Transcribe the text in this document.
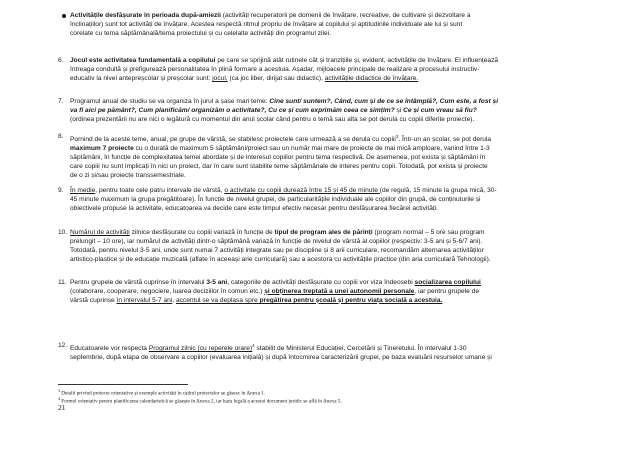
Activitățile desfășurate în perioada după-amiezii (activități recuperatorii pe domenii de învățare, recreative, de cultivare și dezvoltare a
înclinațiilor) sunt tot activități de învățare. Acestea respectă ritmul propriu de învățare al copilului și aptitudinile individuale ale lui și sunt
corelate cu tema săptămânală/tema proiectului și cu celelalte activități din programul zilei.
6. Jocul este activitatea fundamentală a copilului pe care se sprijină atât rutinele cât și tranzițiile și, evident, activitățile de învățare. El influențează
întreaga conduită și prefigurează personalitatea în plină formare a acestuia. Așadar, mijloacele principale de realizare a procesului instructiv-
educativ la nivel antepreșcolar și preșcolar sunt: jocul, (ca joc liber, dirijat sau didactic), activitățile didactice de învățare.
7. Programul anual de studiu se va organiza în jurul a șase mari teme: Cine sunt/ suntem?, Când, cum și de ce se întâmplă?, Cum este, a fost și
va fi aici pe pământ?, Cum planificăm/ organizăm o activitate?, Cu ce și cum exprimăm ceea ce simțim? și Ce și cum vreau să fiu?
(ordinea prezentării nu are nici o legătură cu momentul din anul școlar când pentru o temă sau alta se pot derula cu copiii diferite proiecte).
8. Pornind de la aceste teme, anual, pe grupe de vârstă, se stabilesc proiectele care urmează a se derula cu copiii$^3$. Într-un an școlar, se pot derula
maximum 7 proiecte cu o durată de maximum 5 săptămâni/proiect sau un număr mai mare de proiecte de mai mică amploare, variind între 1-3
săptămâni, în funcție de complexitatea temei abordate și de interesul copiilor pentru tema respectivă. De asemenea, pot exista și săptămâni în
care copiii nu sunt implicați în nici un proiect, dar în care sunt stabilite teme săptămânale de interes pentru copii. Totodată, pot exista și proiecte
de o zi și/sau proiecte transsemestriale.
9. În medie, pentru toate cele patru intervale de vârstă, o activitate cu copiii durează între 15 și 45 de minute (de regulă, 15 minute la grupa mică, 30-
45 minute maximum la grupa pregătitoare). În funcție de nivelul grupei, de particularitățile individuale ale copiilor din grupă, de conținuturile și
obiectivele propuse la activitate, educatoarea va decide care este timpul efectiv necesar pentru desfășurarea fiecărei activități.
10. Numărul de activități zilnice desfășurate cu copiii variază în funcție de tipul de program ales de părinți (program normal – 5 ore sau program
prelungit – 10 ore), iar numărul de activități dintr-o săptămână variază în funcție de nivelul de vârstă al copiilor (respectiv: 3-5 ani și 5-6/7 ani).
Totodată, pentru nivelul 3-5 ani, unde sunt numai 7 activități integrate sau pe discipline și 8 arii curriculare, recomandăm alternarea activităților
artistico-plastice și de educație muzicală (aflate în aceeași arie curriculară) sau a acestora cu activitățile practice (din aria curriculară Tehnologii).
11. Pentru grupele de vârstă cuprinse în intervalul 3-5 ani, categoriile de activități desfășurate cu copiii vor viza îndeosebi socializarea copilului
(colaborare, cooperare, negociere, luarea deciziilor în comun etc.) și obținerea treptată a unei autonomii personale, iar pentru grupele de
vârstă cuprinse în intervalul 5-7 ani, accentul se va deplasa spre pregătirea pentru școală și pentru viața socială a acestuia.
12. Educatoarele vor respecta Programul zilnic (cu reperele orare)$^4$ stabilit de Ministerul Educației, Cercetării și Tineretului. În intervalul 1-30
septembrie, după etapa de observare a copiilor (evaluarea inițială) și după întocmirea caracterizării grupei, pe baza evaluării resurselor umane și
$^3$ Detalii privind proiecte orientative și exemple activități în cadrul proiectelor se găsesc în Anexa 1.
$^4$ Formul orientativ pentru planificarea calendaristică se găsește în Anexa 2, iar baza legală a acestui document juridic se află în Anexa 5.
21
